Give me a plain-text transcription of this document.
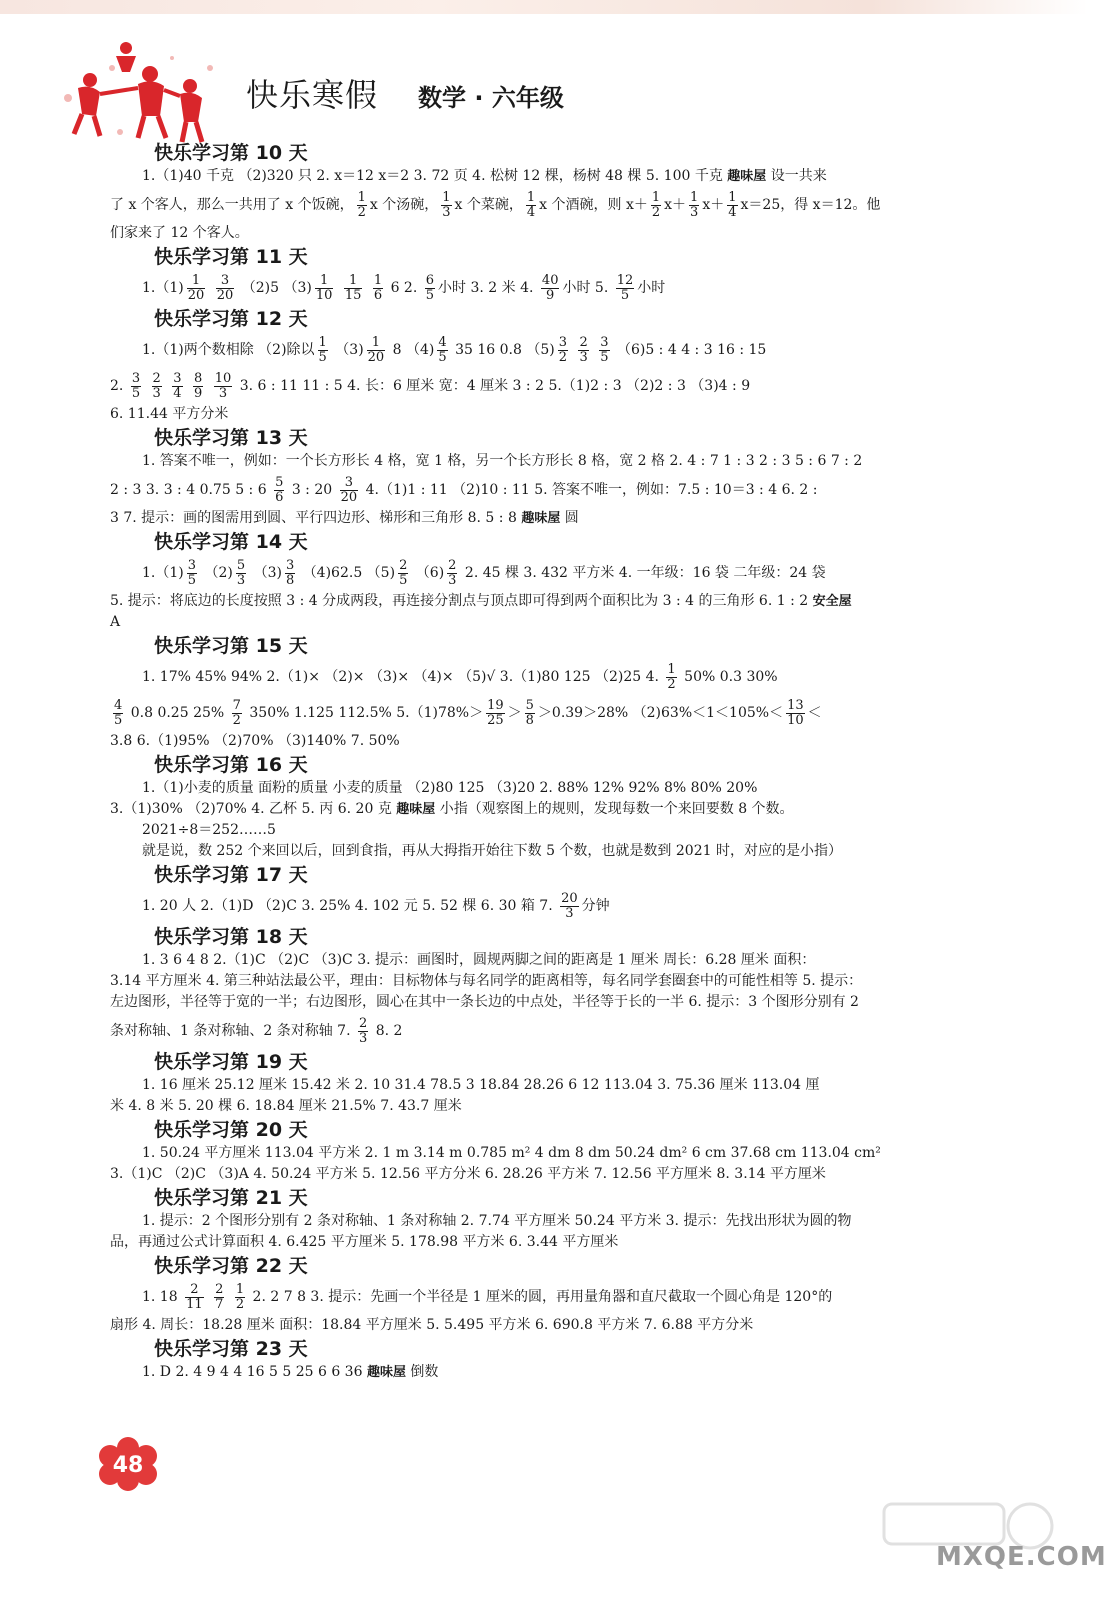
快乐寒假 数学 · 六年级
快乐学习第 10 天
1.（1)40 千克 （2)320 只 2. x＝12 x＝2 3. 72 页 4. 松树 12 棵，杨树 48 棵 5. 100 千克 趣味屋 设一共来
了 x 个客人，那么一共用了 x 个饭碗， $\frac{1}{2}$ x 个汤碗， $\frac{1}{3}$ x 个菜碗， $\frac{1}{4}$ x 个酒碗，则 $x+ \frac{1}{2} x+ \frac{1}{3} x+ \frac{1}{4} x=25$，得 x＝12。他
们家来了 12 个客人。
快乐学习第 11 天
$1.(1) \frac{1}{20}$
$\frac{3}{20} (2)5$ $(3) \frac{1}{10}$
$\frac{1}{15}$
$\frac{1}{6} 6$ 2. $\frac{6}{5}$ 小时 3. 2 米 4. $\frac{40}{9}$ 小时 5. $\frac{12}{5}$ 小时
快乐学习第 12 天
1.（1)两个数相除 （2)除以 $\frac{1}{5} (3) \frac{1}{20} 8$ $(4) \frac{4}{5} 35$ 16 0.8 $(5) \frac{3}{2}$
$\frac{2}{3}$
$\frac{3}{5} (6)5$ : 4 4 : 3 16 : 15
2. $\frac{3}{5}$
$\frac{2}{3}$
$\frac{3}{4}$
$\frac{8}{9}$
$\frac{10}{3} 3$. 6 : 11 11 : 5 4. 长：6 厘米 宽：4 厘米 3 : 2 5.（1)2 : 3 （2)2 : 3 （3)4 : 9
6. 11.44 平方分米
快乐学习第 13 天
1. 答案不唯一，例如：一个长方形长 4 格，宽 1 格，另一个长方形长 8 格，宽 2 格 2. 4 : 7 1 : 3 2 : 3 5 : 6 7 : 2
2 : 3 3. 3 : 4 0.75 5 : $6 \frac{5}{6} 3$ : $20 \frac{3}{20} 4.(1)1$ : 11 （2)10 : 11 5. 答案不唯一，例如：7.5 : 10＝3 : 4 6. 2 :
3 7. 提示：画的图需用到圆、平行四边形、梯形和三角形 8. 5 : 8 趣味屋 圆
快乐学习第 14 天
$1.(1) \frac{3}{5} (2) \frac{5}{3} (3) \frac{3}{8} (4)62.5$ $(5) \frac{2}{5} (6) \frac{2}{3} 2$. 45 棵 3. 432 平方米 4. 一年级：16 袋 二年级：24 袋
5. 提示：将底边的长度按照 3 : 4 分成两段，再连接分割点与顶点即可得到两个面积比为 3 : 4 的三角形 6. 1 : 2 安全屋
A
快乐学习第 15 天
1. 17% 45% 94% 2.（1)× （2)× （3)× （4)× （5)√ 3.（1)80 125 （2)25 4. $\frac{1}{2} 50\%$ 0.3 30%
$\frac{4}{5} 0.8$ 0.25 $25\% \frac{7}{2} 350\%$ 1.125 112.5% $5.(1)78\%> \frac{19}{25} > \frac{5}{8} >0.39>28\%$ $(2)63\%<1<105\%< \frac{13}{10}$ ＜
3.8 6.（1)95% （2)70% （3)140% 7. 50%
快乐学习第 16 天
1.（1)小麦的质量 面粉的质量 小麦的质量 （2)80 125 （3)20 2. 88% 12% 92% 8% 80% 20%
3.（1)30% （2)70% 4. 乙杯 5. 丙 6. 20 克 趣味屋 小指（观察图上的规则，发现每数一个来回要数 8 个数。
2021÷8＝252……5
就是说，数 252 个来回以后，回到食指，再从大拇指开始往下数 5 个数，也就是数到 2021 时，对应的是小指）
快乐学习第 17 天
1. 20 人 2.（1)D （2)C 3. 25% 4. 102 元 5. 52 棵 6. 30 箱 7. $\frac{20}{3}$ 分钟
快乐学习第 18 天
1. 3 6 4 8 2.（1)C （2)C （3)C 3. 提示：画图时，圆规两脚之间的距离是 1 厘米 周长：6.28 厘米 面积：
3.14 平方厘米 4. 第三种站法最公平，理由：目标物体与每名同学的距离相等，每名同学套圈套中的可能性相等 5. 提示：
左边图形，半径等于宽的一半；右边图形，圆心在其中一条长边的中点处，半径等于长的一半 6. 提示：3 个图形分别有 2
条对称轴、1 条对称轴、2 条对称轴 7. $\frac{2}{3} 8$. 2
快乐学习第 19 天
1. 16 厘米 25.12 厘米 15.42 米 2. 10 31.4 78.5 3 18.84 28.26 6 12 113.04 3. 75.36 厘米 113.04 厘
米 4. 8 米 5. 20 棵 6. 18.84 厘米 21.5% 7. 43.7 厘米
快乐学习第 20 天
1. 50.24 平方厘米 113.04 平方米 2. 1 m 3.14 m 0.785 m² 4 dm 8 dm 50.24 dm² 6 cm 37.68 cm 113.04 cm²
3.（1)C （2)C （3)A 4. 50.24 平方米 5. 12.56 平方分米 6. 28.26 平方米 7. 12.56 平方厘米 8. 3.14 平方厘米
快乐学习第 21 天
1. 提示：2 个图形分别有 2 条对称轴、1 条对称轴 2. 7.74 平方厘米 50.24 平方米 3. 提示：先找出形状为圆的物
品，再通过公式计算面积 4. 6.425 平方厘米 5. 178.98 平方米 6. 3.44 平方厘米
快乐学习第 22 天
1. $18 \frac{2}{11}$
$\frac{2}{7}$
$\frac{1}{2} 2$. 2 7 8 3. 提示：先画一个半径是 1 厘米的圆，再用量角器和直尺截取一个圆心角是 120°的
扇形 4. 周长：18.28 厘米 面积：18.84 平方厘米 5. 5.495 平方米 6. 690.8 平方米 7. 6.88 平方分米
快乐学习第 23 天
1. D 2. 4 9 4 4 16 5 5 25 6 6 36 趣味屋 倒数
48
MXQE.COM
